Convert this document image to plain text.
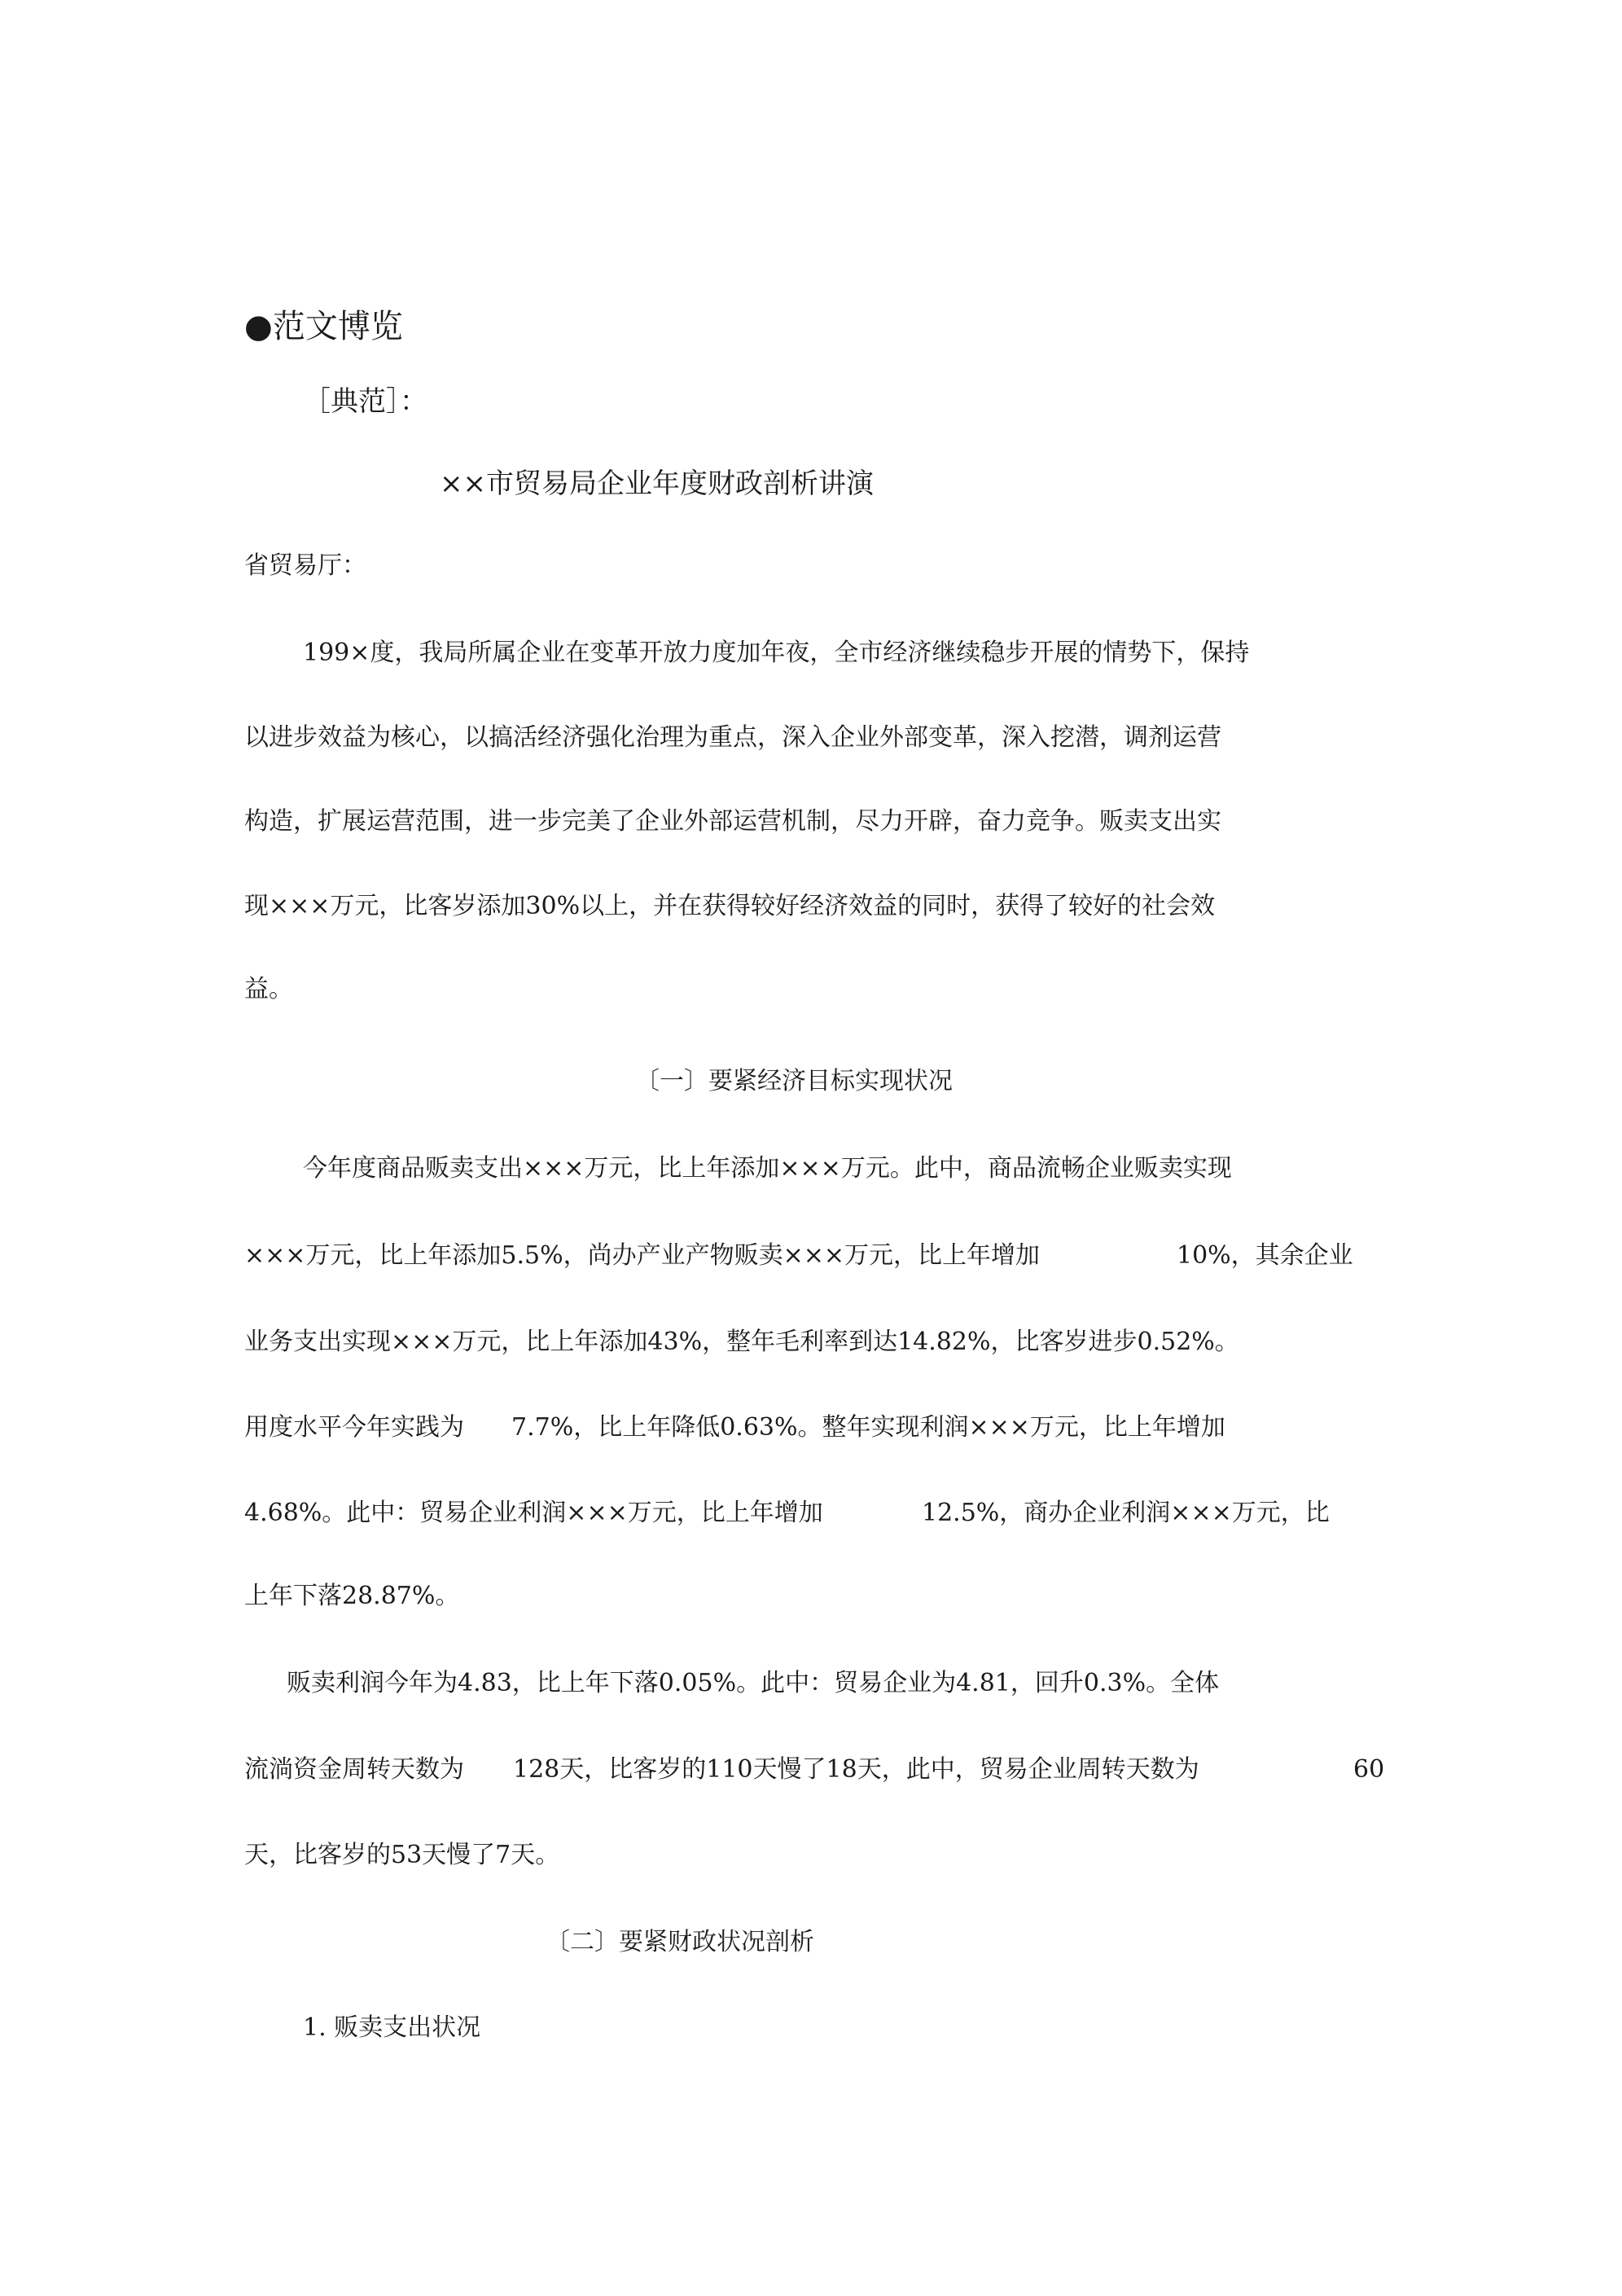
●范文博览
［典范］：
××市贸易局企业年度财政剖析讲演
省贸易厅：
199×度，我局所属企业在变革开放力度加年夜，全市经济继续稳步开展的情势下，保持
以进步效益为核心，以搞活经济强化治理为重点，深入企业外部变革，深入挖潜，调剂运营
构造，扩展运营范围，进一步完美了企业外部运营机制，尽力开辟，奋力竞争。贩卖支出实
现×××万元，比客岁添加30%以上，并在获得较好经济效益的同时，获得了较好的社会效
益。
〔一〕要紧经济目标实现状况
今年度商品贩卖支出×××万元，比上年添加×××万元。此中，商品流畅企业贩卖实现
×××万元，比上年添加5.5%，尚办产业产物贩卖×××万元，比上年增加	10%，其余企业
业务支出实现×××万元，比上年添加43%，整年毛利率到达14.82%，比客岁进步0.52%。
用度水平今年实践为 7.7%，比上年降低0.63%。整年实现利润×××万元，比上年增加
4.68%。此中：贸易企业利润×××万元，比上年增加	12.5%，商办企业利润×××万元，比
上年下落28.87%。
贩卖利润今年为4.83，比上年下落0.05%。此中：贸易企业为4.81，回升0.3%。全体
流淌资金周转天数为 128天，比客岁的110天慢了18天，此中，贸易企业周转天数为	60
天，比客岁的53天慢了7天。
〔二〕要紧财政状况剖析
1. 贩卖支出状况
